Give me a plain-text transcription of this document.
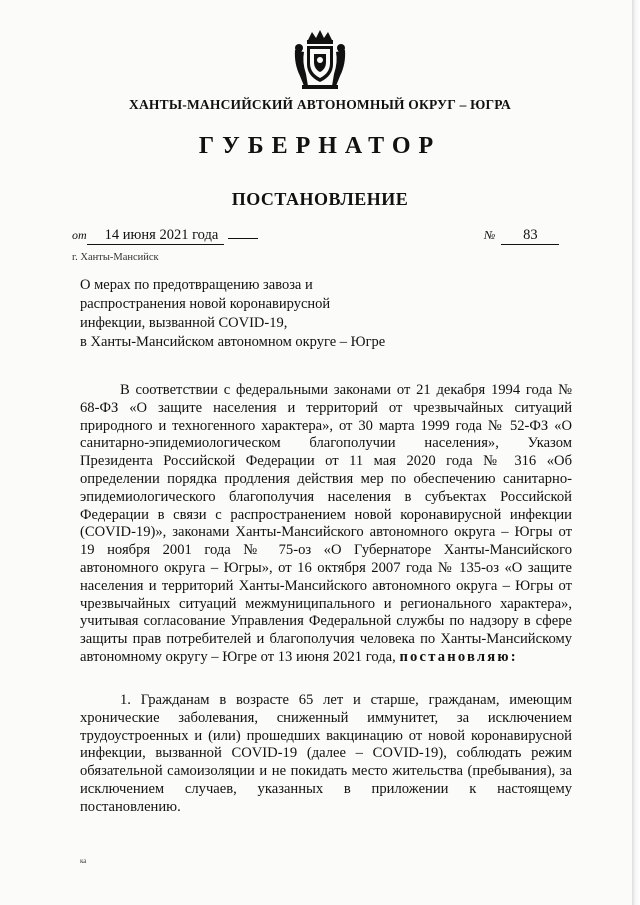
ХАНТЫ-МАНСИЙСКИЙ АВТОНОМНЫЙ ОКРУГ – ЮГРА
ГУБЕРНАТОР
ПОСТАНОВЛЕНИЕ
от 14 июня 2021 года	№ 83
г. Ханты-Мансийск
О мерах по предотвращению завоза и
распространения новой коронавирусной
инфекции, вызванной COVID-19,
в Ханты-Мансийском автономном округе – Югре
В соответствии с федеральными законами от 21 декабря 1994 года № 68-ФЗ «О защите населения и территорий от чрезвычайных ситуаций природного и техногенного характера», от 30 марта 1999 года № 52-ФЗ «О санитарно-эпидемиологическом благополучии населения», Указом Президента Российской Федерации от 11 мая 2020 года № 316 «Об определении порядка продления действия мер по обеспечению санитарно-эпидемиологического благополучия населения в субъектах Российской Федерации в связи с распространением новой коронавирусной инфекции (COVID-19)», законами Ханты-Мансийского автономного округа – Югры от 19 ноября 2001 года № 75-оз «О Губернаторе Ханты-Мансийского автономного округа – Югры», от 16 октября 2007 года № 135-оз «О защите населения и территорий Ханты-Мансийского автономного округа – Югры от чрезвычайных ситуаций межмуниципального и регионального характера», учитывая согласование Управления Федеральной службы по надзору в сфере защиты прав потребителей и благополучия человека по Ханты-Мансийскому автономному округу – Югре от 13 июня 2021 года, постановляю:
1. Гражданам в возрасте 65 лет и старше, гражданам, имеющим хронические заболевания, сниженный иммунитет, за исключением трудоустроенных и (или) прошедших вакцинацию от новой коронавирусной инфекции, вызванной COVID-19 (далее – COVID-19), соблюдать режим обязательной самоизоляции и не покидать место жительства (пребывания), за исключением случаев, указанных в приложении к настоящему постановлению.
ка
